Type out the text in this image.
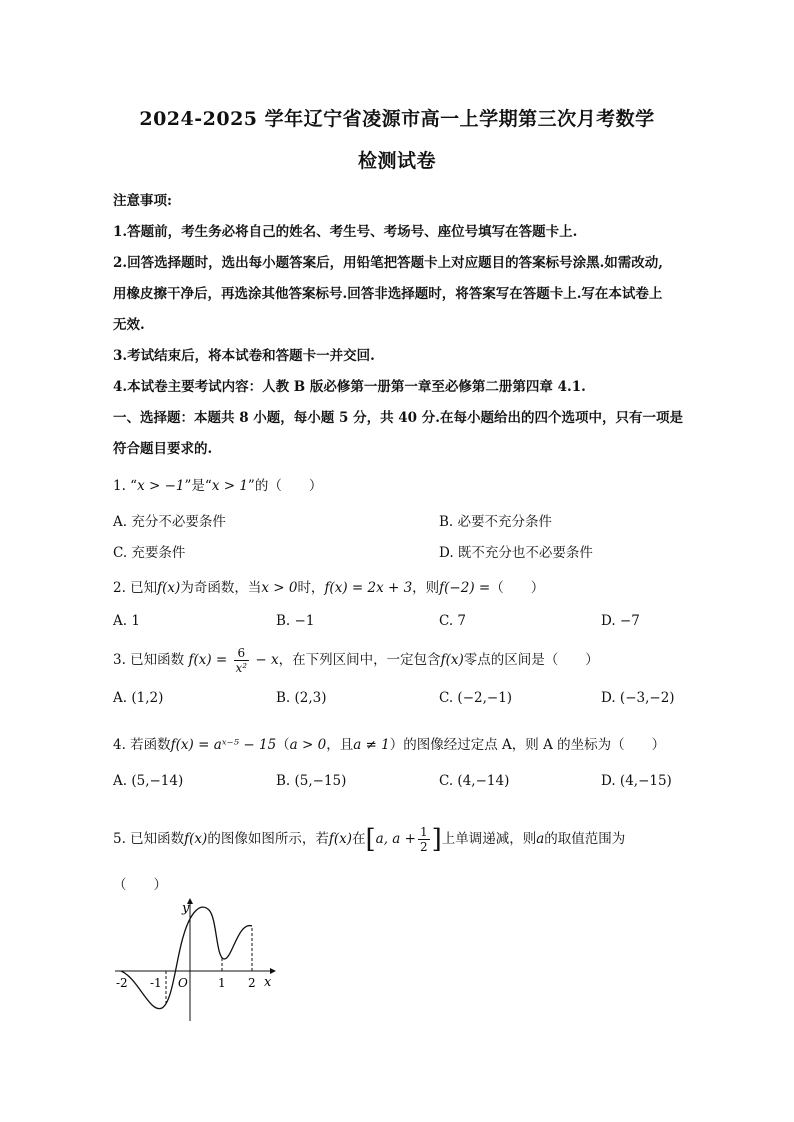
2024-2025 学年辽宁省凌源市高一上学期第三次月考数学
检测试卷
注意事项:
1.答题前，考生务必将自己的姓名、考生号、考场号、座位号填写在答题卡上.
2.回答选择题时，选出每小题答案后，用铅笔把答题卡上对应题目的答案标号涂黑.如需改动,
用橡皮擦干净后，再选涂其他答案标号.回答非选择题时，将答案写在答题卡上.写在本试卷上
无效.
3.考试结束后，将本试卷和答题卡一并交回.
4.本试卷主要考试内容：人教 B 版必修第一册第一章至必修第二册第四章 4.1.
一、选择题：本题共 8 小题，每小题 5 分，共 40 分.在每小题给出的四个选项中，只有一项是
符合题目要求的.
1. “x > −1”是“x > 1”的（　　）
A. 充分不必要条件	B. 必要不充分条件
C. 充要条件	D. 既不充分也不必要条件
2. 已知f(x)为奇函数，当x > 0时，f(x) = 2x + 3，则f(−2) =（　　）
A. 1	B. −1	C. 7	D. −7
3. 已知函数 $f(x) = \frac{6}{\text{x²}} - x$，在下列区间中，一定包含f(x)零点的区间是（　　）
A. (1,2)	B. (2,3)	C. (−2,−1)	D. (−3,−2)
4. 若函数f(x) = aˣ⁻⁵ − 15（a > 0，且a ≠ 1）的图像经过定点 A，则 A 的坐标为（　　）
A. (5,−14)	B. (5,−15)	C. (4,−14)	D. (4,−15)
5. 已知函数f(x)的图像如图所示，若f(x)在[a, $a + \frac{1}{2}$ ]上单调递减，则a的取值范围为
（　　）
y
x
O
-2 -1	1 2
